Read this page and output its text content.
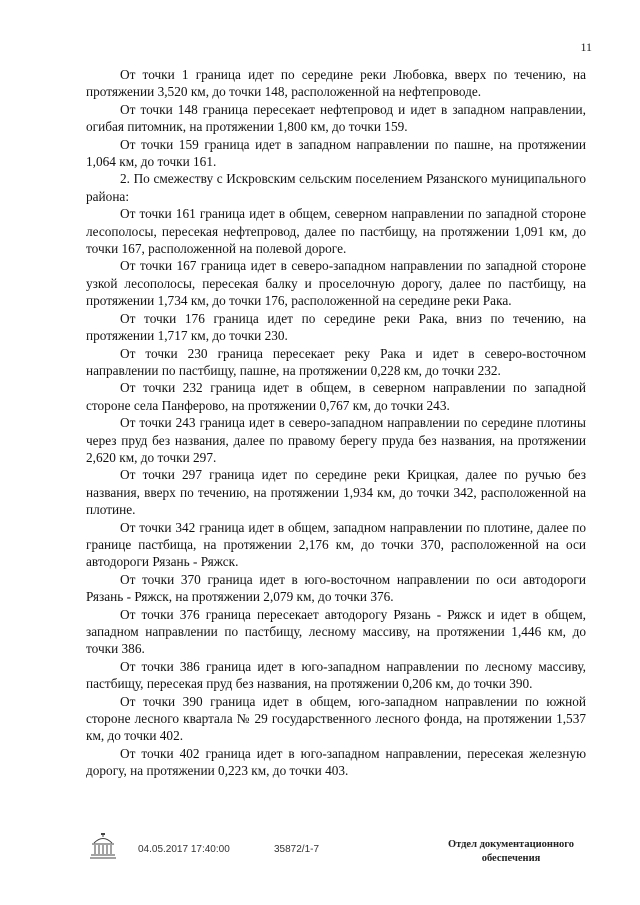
11

От точки 1 граница идет по середине реки Любовка, вверх по течению, на протяжении 3,520 км, до точки 148, расположенной на нефтепроводе.

От точки 148 граница пересекает нефтепровод и идет в западном направлении, огибая питомник, на протяжении 1,800 км, до точки 159.

От точки 159 граница идет в западном направлении по пашне, на протяжении 1,064 км, до точки 161.

2. По смежеству с Искровским сельским поселением Рязанского муниципального района:

От точки 161 граница идет в общем, северном направлении по западной стороне лесополосы, пересекая нефтепровод, далее по пастбищу, на протяжении 1,091 км, до точки 167, расположенной на полевой дороге.

От точки 167 граница идет в северо-западном направлении по западной стороне узкой лесополосы, пересекая балку и проселочную дорогу, далее по пастбищу, на протяжении 1,734 км, до точки 176, расположенной на середине реки Рака.

От точки 176 граница идет по середине реки Рака, вниз по течению, на протяжении 1,717 км, до точки 230.

От точки 230 граница пересекает реку Рака и идет в северо-восточном направлении по пастбищу, пашне, на протяжении 0,228 км, до точки 232.

От точки 232 граница идет в общем, в северном направлении по западной стороне села Панферово, на протяжении 0,767 км, до точки 243.

От точки 243 граница идет в северо-западном направлении по середине плотины через пруд без названия, далее по правому берегу пруда без названия, на протяжении 2,620 км, до точки 297.

От точки 297 граница идет по середине реки Крицкая, далее по ручью без названия, вверх по течению, на протяжении 1,934 км, до точки 342, расположенной на плотине.

От точки 342 граница идет в общем, западном направлении по плотине, далее по границе пастбища, на протяжении 2,176 км, до точки 370, расположенной на оси автодороги Рязань - Ряжск.

От точки 370 граница идет в юго-восточном направлении по оси автодороги Рязань - Ряжск, на протяжении 2,079 км, до точки 376.

От точки 376 граница пересекает автодорогу Рязань - Ряжск и идет в общем, западном направлении по пастбищу, лесному массиву, на протяжении 1,446 км, до точки 386.

От точки 386 граница идет в юго-западном направлении по лесному массиву, пастбищу, пересекая пруд без названия, на протяжении 0,206 км, до точки 390.

От точки 390 граница идет в общем, юго-западном направлении по южной стороне лесного квартала № 29 государственного лесного фонда, на протяжении 1,537 км, до точки 402.

От точки 402 граница идет в юго-западном направлении, пересекая железную дорогу, на протяжении 0,223 км, до точки 403.

04.05.2017 17:40:00	35872/1-7	Отдел документационного
обеспечения
